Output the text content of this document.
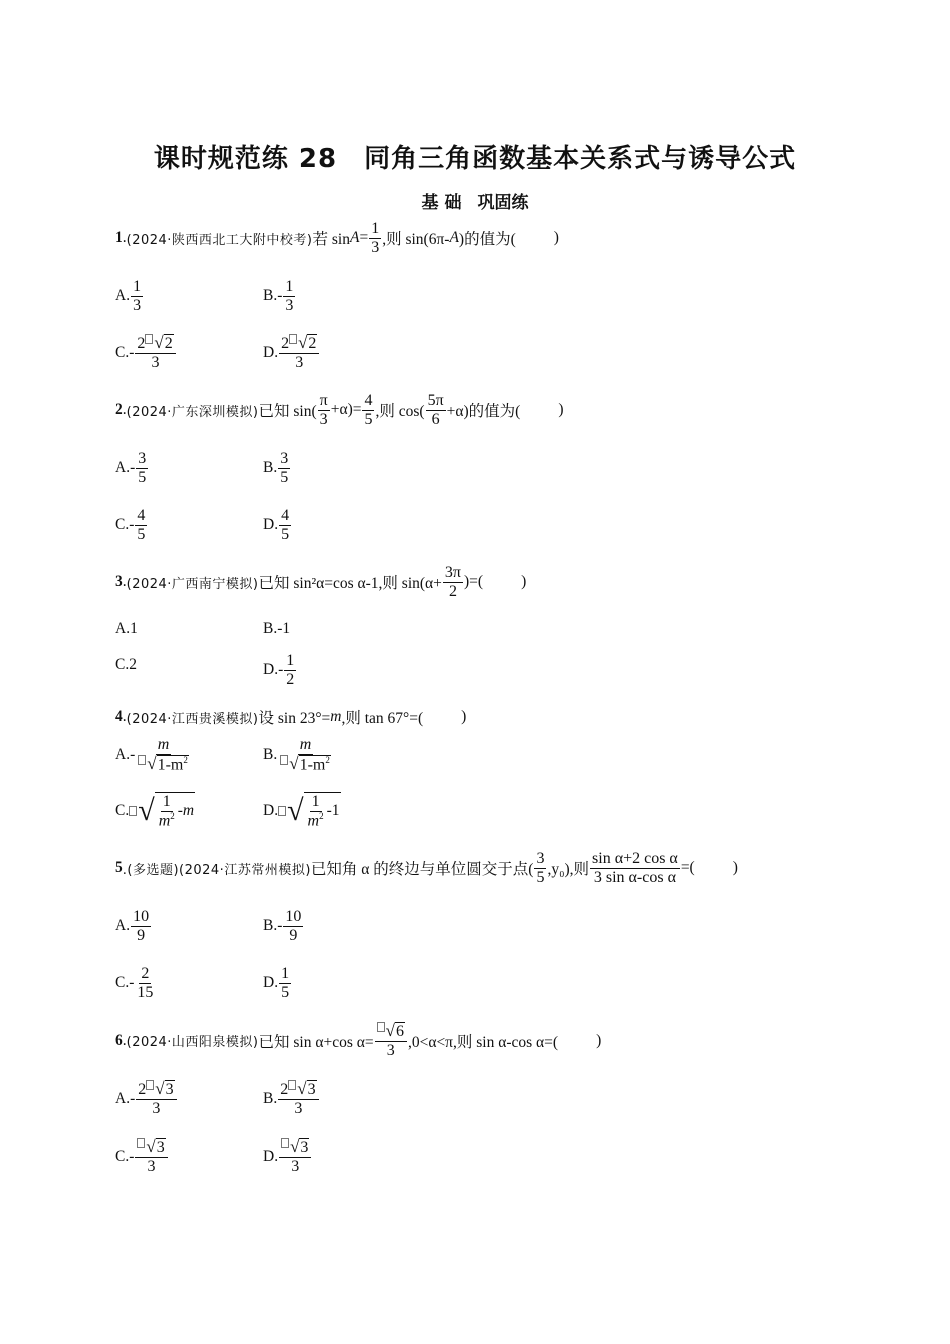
课时规范练 28　同角三角函数基本关系式与诱导公式
基 础 巩固练
1 . (2024·陕西西北工大附中校考) 若 $\sin A = \frac{1}{3}$ ,则 sin(6π- A )的值为( )
A. $\frac{1}{3}$	$B.- \frac{1}{3}$
$C.- \frac{2 √ 2}{3}$	D. $\frac{2 √ 2}{3}$
2 . (2024·广东深圳模拟) 已知 $\sin( \frac{\pi}{3} +\alpha)= \frac{4}{5}$ ,则 $\cos( \frac{5\pi}{6} +\alpha)$的值为( )
$A.- \frac{3}{5}$	B. $\frac{3}{5}$
$C.- \frac{4}{5}$	D. $\frac{4}{5}$
3 . (2024·广西南宁模拟) 已知 sin²α=cos α-1,则 $\sin(\alpha+ \frac{3\pi}{2}$ )=( )
A.1	B.-1
C.2	$D.- \frac{1}{2}$
4 . (2024·江西贵溪模拟) 设 sin 23°= m ,则 tan 67°=( )
$A.- \frac{m}{√ 1-m^2}$	B. $\frac{m}{√ 1-m^2}$
C. √ $\frac{1}{m^2} -m$	D. √ $\frac{1}{m^2} -1$
5 .(多选题)(2024·江苏常州模拟) 已知角 α 的终边与单位圆交于点( $\frac{3}{5} ,y_0$),则 $\frac{\text{sin α+2 cos α}}{\text{3 sin α-cos α}}$ =( )
A. $\frac{10}{9}$	$B.- \frac{10}{9}$
$C.- \frac{2}{15}$	D. $\frac{1}{5}$
6 . (2024·山西阳泉模拟) 已知 sin α+cos $\alpha= \frac{√ 6}{3} ,0<\alpha<\pi$,则 sin α-cos α=( )
$A.- \frac{2 √ 3}{3}$	B. $\frac{2 √ 3}{3}$
$C.- \frac{√ 3}{3}$	D. $\frac{√ 3}{3}$
